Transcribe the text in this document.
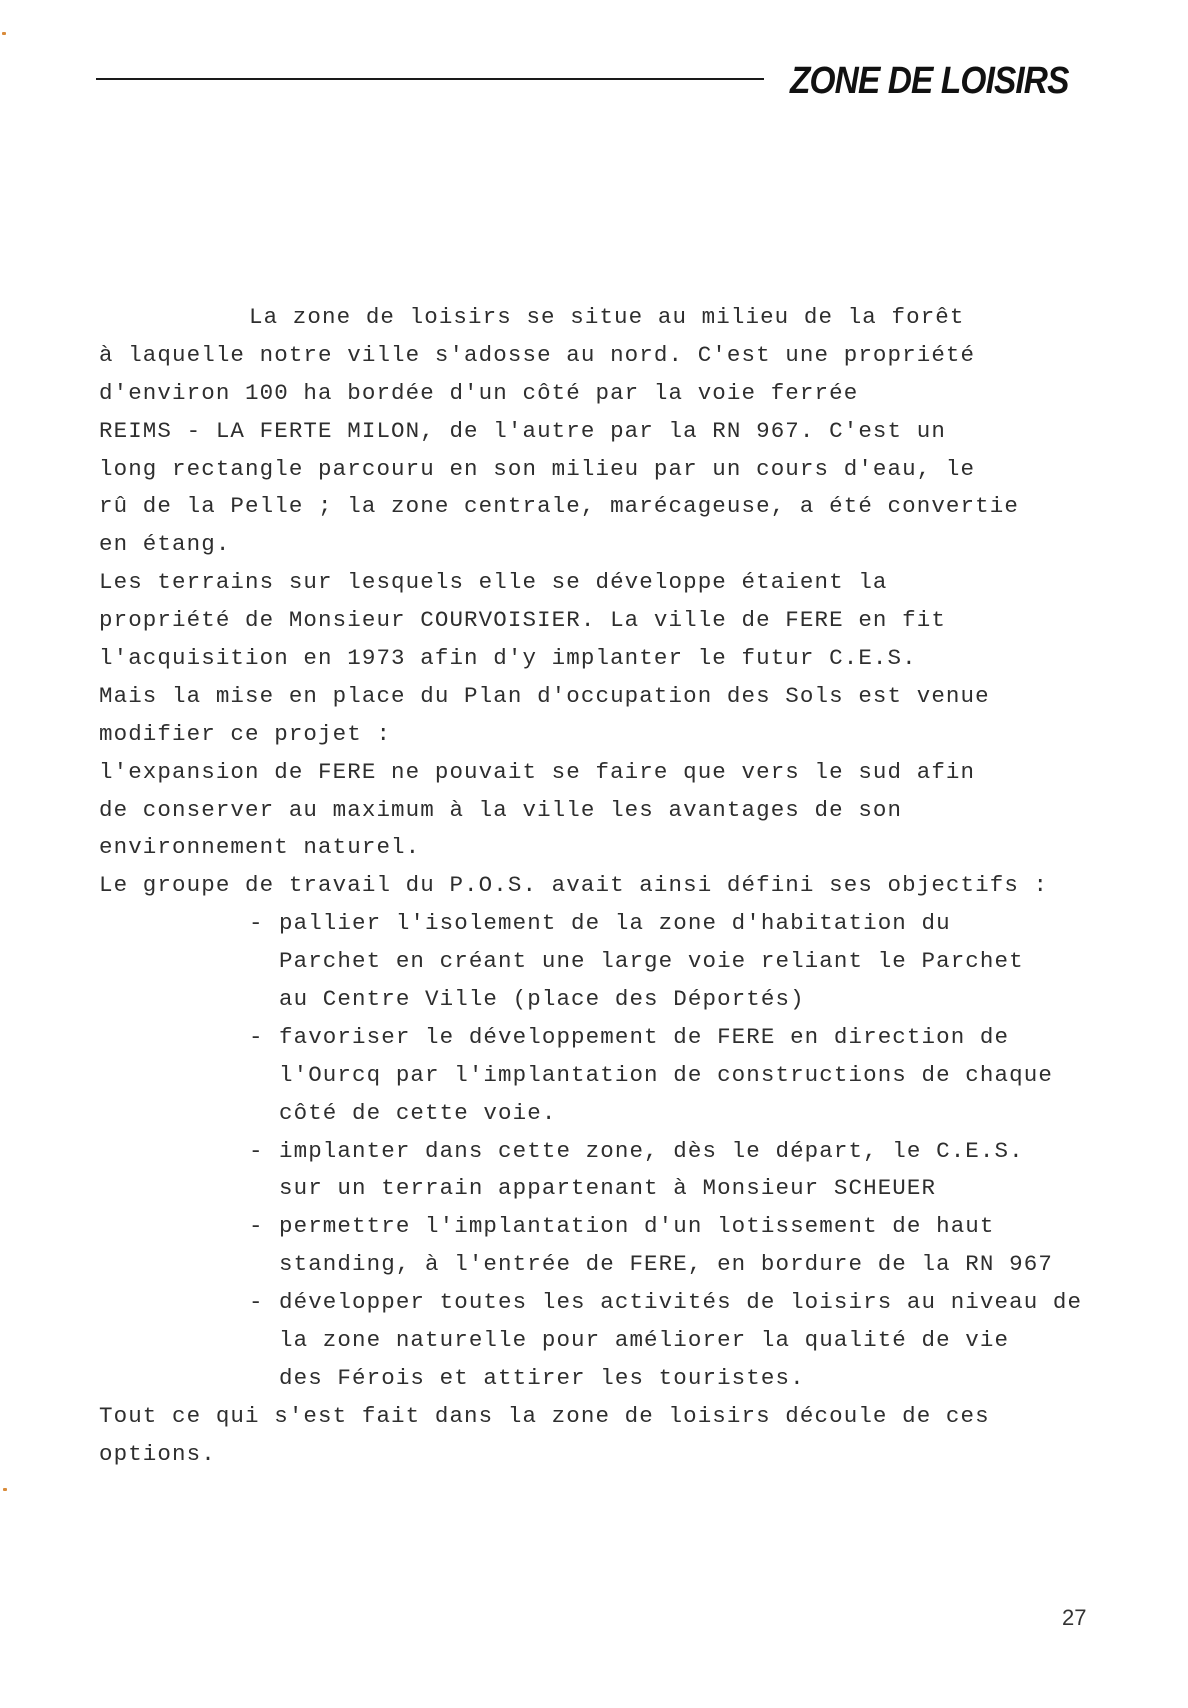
ZONE DE LOISIRS
La zone de loisirs se situe au milieu de la forêt
à laquelle notre ville s'adosse au nord. C'est une propriété
d'environ 100 ha bordée d'un côté par la voie ferrée
REIMS - LA FERTE MILON, de l'autre par la RN 967. C'est un
long rectangle parcouru en son milieu par un cours d'eau, le
rû de la Pelle ; la zone centrale, marécageuse, a été convertie
en étang.
Les terrains sur lesquels elle se développe étaient la
propriété de Monsieur COURVOISIER. La ville de FERE en fit
l'acquisition en 1973 afin d'y implanter le futur C.E.S.
Mais la mise en place du Plan d'occupation des Sols est venue
modifier ce projet :
l'expansion de FERE ne pouvait se faire que vers le sud afin
de conserver au maximum à la ville les avantages de son
environnement naturel.
Le groupe de travail du P.O.S. avait ainsi défini ses objectifs :
- pallier l'isolement de la zone d'habitation du
Parchet en créant une large voie reliant le Parchet
au Centre Ville (place des Déportés)
- favoriser le développement de FERE en direction de
l'Ourcq par l'implantation de constructions de chaque
côté de cette voie.
- implanter dans cette zone, dès le départ, le C.E.S.
sur un terrain appartenant à Monsieur SCHEUER
- permettre l'implantation d'un lotissement de haut
standing, à l'entrée de FERE, en bordure de la RN 967
- développer toutes les activités de loisirs au niveau de
la zone naturelle pour améliorer la qualité de vie
des Férois et attirer les touristes.
Tout ce qui s'est fait dans la zone de loisirs découle de ces
options.
27
